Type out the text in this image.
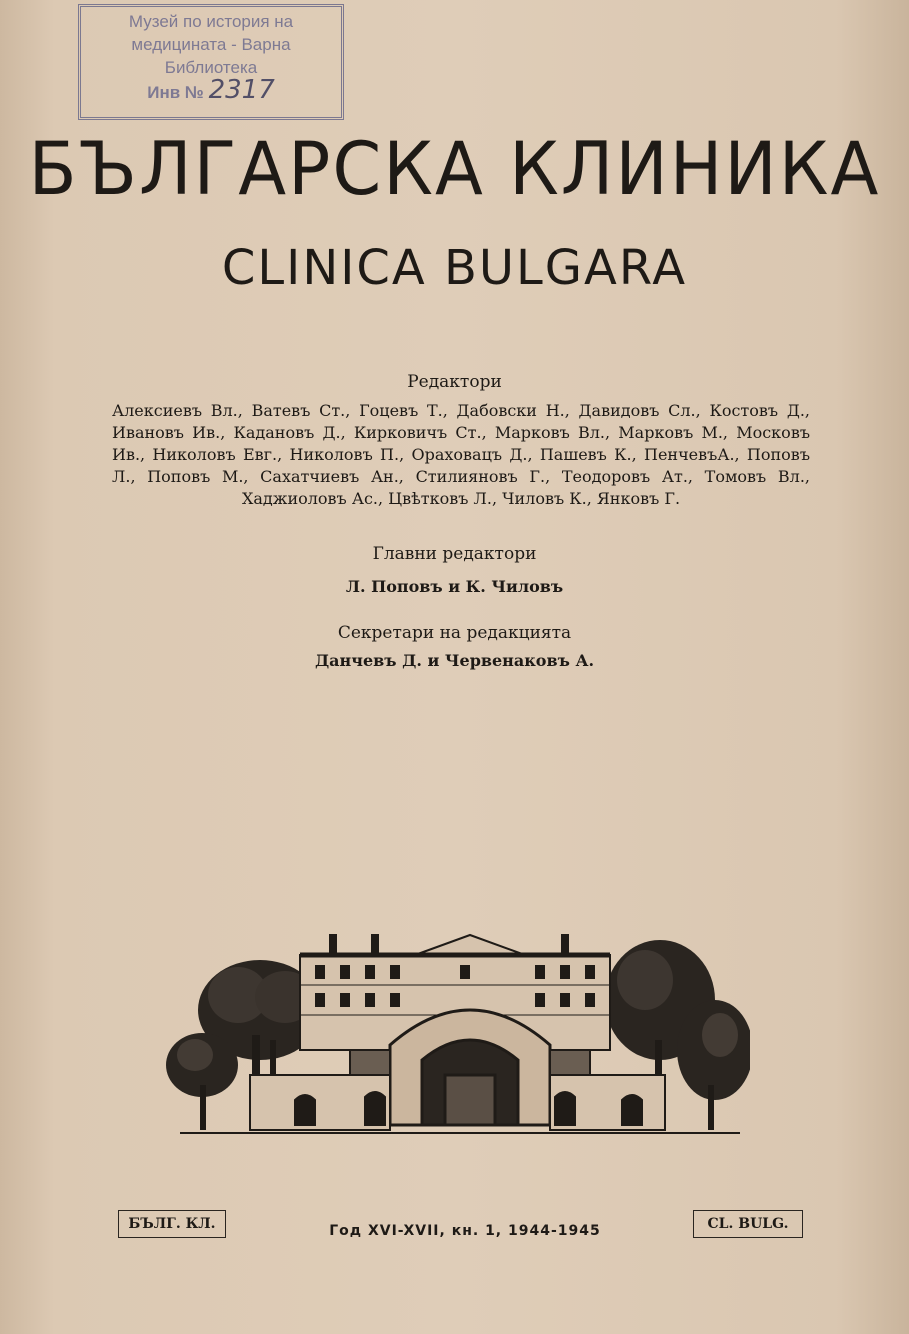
Музей по история на
медицината - Варна
Библиотека
Инв № 2317
БЪЛГАРСКА КЛИНИКА
CLINICA BULGARA
Редактори
Алексиевъ Вл., Ватевъ Ст., Гоцевъ Т., Дабовски Н., Давидовъ Сл., Костовъ Д., Ивановъ Ив., Кадановъ Д., Кирковичъ Ст., Марковъ Вл., Марковъ М., Московъ Ив., Николовъ Евг., Николовъ П., Ораховацъ Д., Пашевъ К., ПенчевъА., Поповъ Л., Поповъ М., Сахатчиевъ Ан., Стилияновъ Г., Теодоровъ Ат., Томовъ Вл., Хаджиоловъ Ас., Цвѣтковъ Л., Чиловъ К., Янковъ Г.
Главни редактори
Л. Поповъ и К. Чиловъ
Секретари на редакцията
Данчевъ Д. и Червенаковъ А.
БЪЛГ. КЛ.	Год XVI-XVII, кн. 1, 1944-1945	CL. BULG.
